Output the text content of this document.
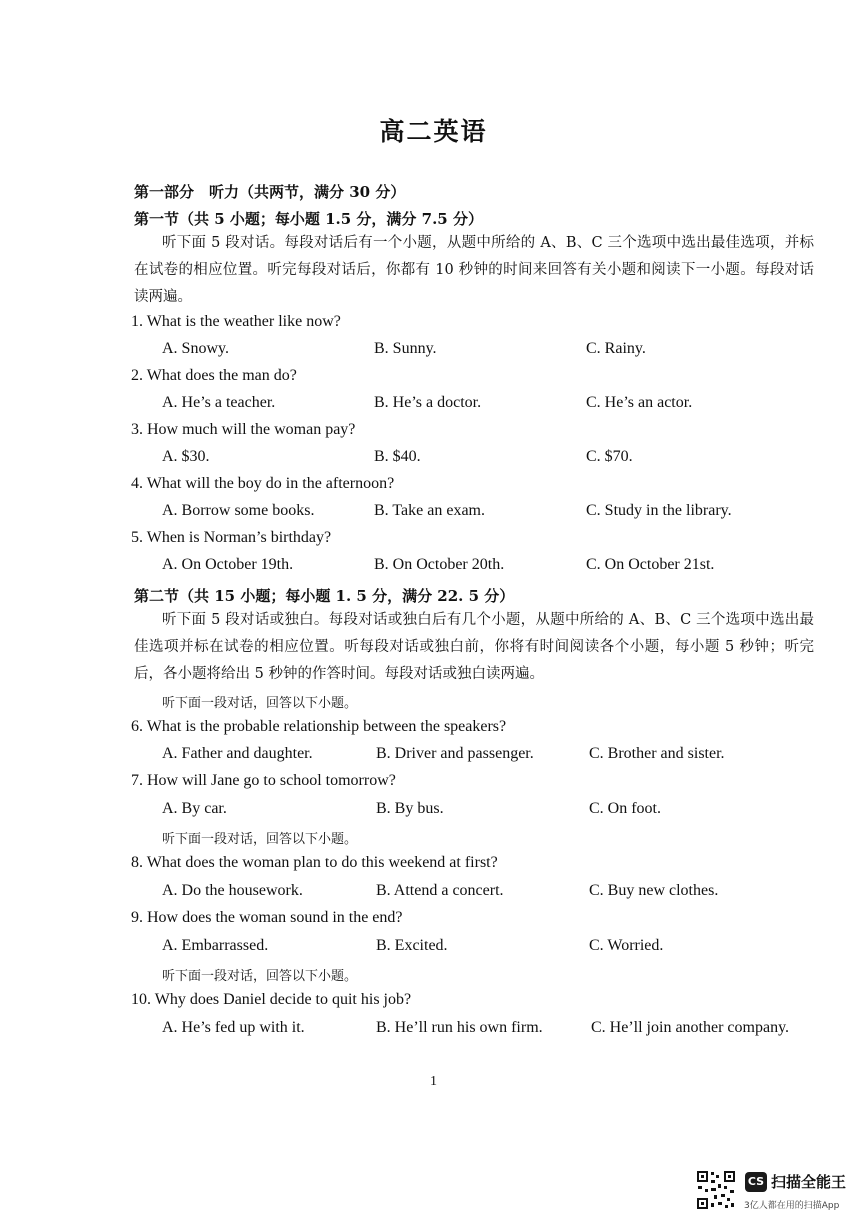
高二英语
第一部分　听力（共两节，满分 30 分）
第一节（共 5 小题；每小题 1.5 分，满分 7.5 分）
听下面 5 段对话。每段对话后有一个小题，从题中所给的 A、B、C 三个选项中选出最佳选项，并标在试卷的相应位置。听完每段对话后，你都有 10 秒钟的时间来回答有关小题和阅读下一小题。每段对话读两遍。
1. What is the weather like now?
A. Snowy.	B. Sunny.	C. Rainy.
2. What does the man do?
A. He’s a teacher.	B. He’s a doctor.	C. He’s an actor.
3. How much will the woman pay?
A. $30.	B. $40.	C. $70.
4. What will the boy do in the afternoon?
A. Borrow some books.	B. Take an exam.	C. Study in the library.
5. When is Norman’s birthday?
A. On October 19th.	B. On October 20th.	C. On October 21st.
第二节（共 15 小题；每小题 1. 5 分，满分 22. 5 分）
听下面 5 段对话或独白。每段对话或独白后有几个小题，从题中所给的 A、B、C 三个选项中选出最佳选项并标在试卷的相应位置。听每段对话或独白前，你将有时间阅读各个小题，每小题 5 秒钟；听完后，各小题将给出 5 秒钟的作答时间。每段对话或独白读两遍。
听下面一段对话，回答以下小题。
6. What is the probable relationship between the speakers?
A. Father and daughter.	B. Driver and passenger.	C. Brother and sister.
7. How will Jane go to school tomorrow?
A. By car.	B. By bus.	C. On foot.
听下面一段对话，回答以下小题。
8. What does the woman plan to do this weekend at first?
A. Do the housework.	B. Attend a concert.	C. Buy new clothes.
9. How does the woman sound in the end?
A. Embarrassed.	B. Excited.	C. Worried.
听下面一段对话，回答以下小题。
10. Why does Daniel decide to quit his job?
A. He’s fed up with it.	B. He’ll run his own firm.	C. He’ll join another company.
1
CS 扫描全能王
3亿人都在用的扫描App
